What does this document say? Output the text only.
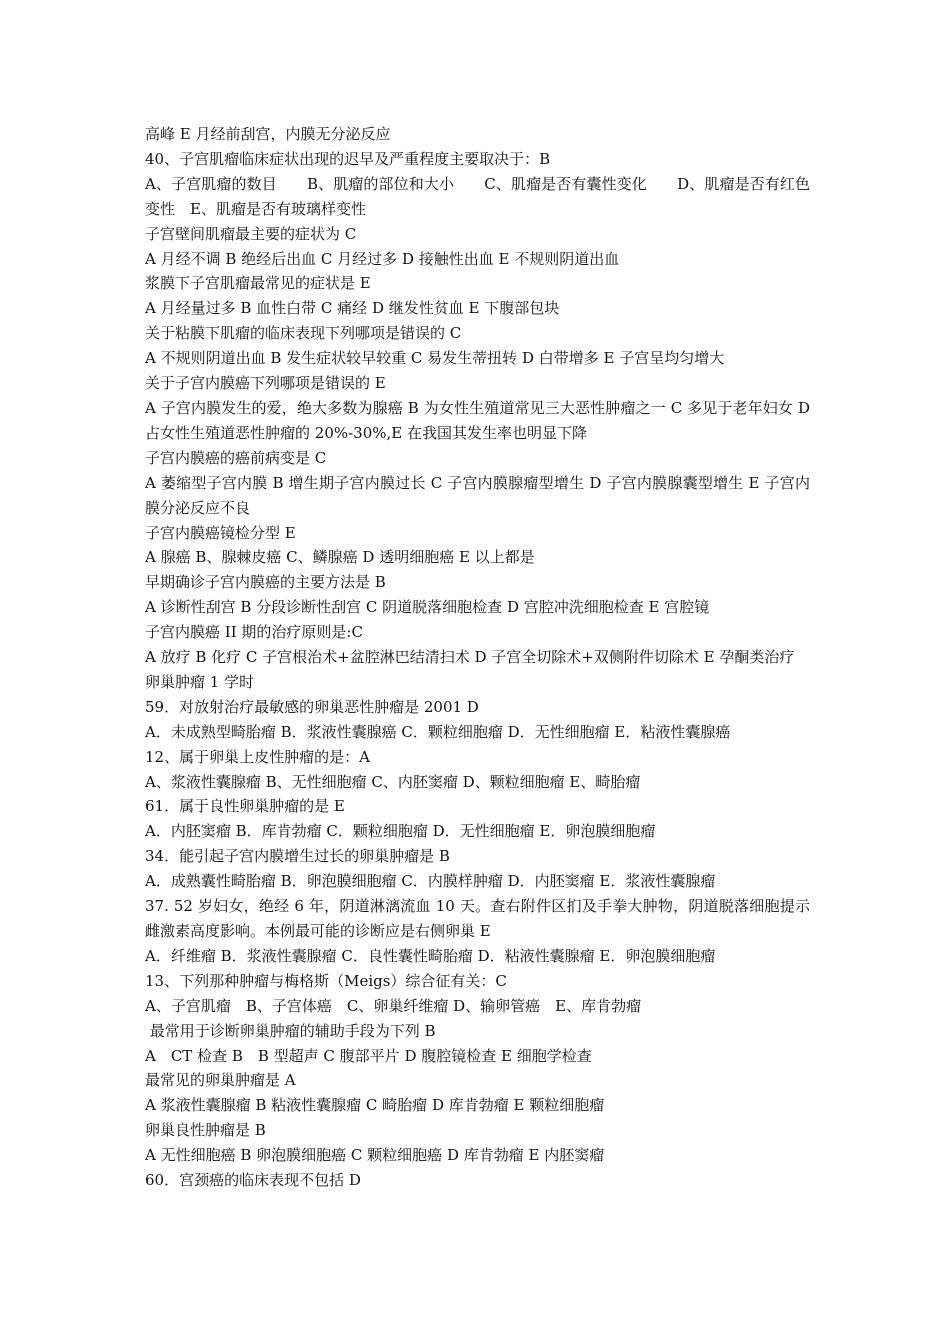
高峰 E 月经前刮宫，内膜无分泌反应

40、子宫肌瘤临床症状出现的迟早及严重程度主要取决于：B

A、子宫肌瘤的数目　　B、肌瘤的部位和大小　　C、肌瘤是否有囊性变化　　D、肌瘤是否有红色变性　E、肌瘤是否有玻璃样变性

子宫壁间肌瘤最主要的症状为 C

A 月经不调 B 绝经后出血 C 月经过多 D 接触性出血 E 不规则阴道出血

浆膜下子宫肌瘤最常见的症状是 E

A 月经量过多 B 血性白带 C 痛经 D 继发性贫血 E 下腹部包块

关于粘膜下肌瘤的临床表现下列哪项是错误的 C

A 不规则阴道出血 B 发生症状较早较重 C 易发生蒂扭转 D 白带增多 E 子宫呈均匀增大

关于子宫内膜癌下列哪项是错误的 E

A 子宫内膜发生的爱，绝大多数为腺癌 B 为女性生殖道常见三大恶性肿瘤之一 C 多见于老年妇女 D 占女性生殖道恶性肿瘤的 20%-30%,E 在我国其发生率也明显下降

子宫内膜癌的癌前病变是 C

A 萎缩型子宫内膜 B 增生期子宫内膜过长 C 子宫内膜腺瘤型增生 D 子宫内膜腺囊型增生 E 子宫内膜分泌反应不良

子宫内膜癌镜检分型 E

A 腺癌 B、腺棘皮癌 C、鳞腺癌 D 透明细胞癌 E 以上都是

早期确诊子宫内膜癌的主要方法是 B

A 诊断性刮宫 B 分段诊断性刮宫 C 阴道脱落细胞检查 D 宫腔冲洗细胞检查 E 宫腔镜

子宫内膜癌 II 期的治疗原则是:C

A 放疗 B 化疗 C 子宫根治术+盆腔淋巴结清扫术 D 子宫全切除术+双侧附件切除术 E 孕酮类治疗

卵巢肿瘤 1 学时

59．对放射治疗最敏感的卵巢恶性肿瘤是 2001 D

A．未成熟型畸胎瘤 B．浆液性囊腺癌 C．颗粒细胞瘤 D．无性细胞瘤 E．粘液性囊腺癌

12、属于卵巢上皮性肿瘤的是：A

A、浆液性囊腺瘤 B、无性细胞瘤 C、内胚窦瘤 D、颗粒细胞瘤 E、畸胎瘤

61．属于良性卵巢肿瘤的是 E

A．内胚窦瘤 B．库肯勃瘤 C．颗粒细胞瘤 D．无性细胞瘤 E．卵泡膜细胞瘤

34．能引起子宫内膜增生过长的卵巢肿瘤是 B

A．成熟囊性畸胎瘤 B．卵泡膜细胞瘤 C．内膜样肿瘤 D．内胚窦瘤 E．浆液性囊腺瘤

37. 52 岁妇女，绝经 6 年，阴道淋漓流血 10 天。查右附件区扪及手拳大肿物，阴道脱落细胞提示雌激素高度影响。本例最可能的诊断应是右侧卵巢 E

A．纤维瘤 B．浆液性囊腺瘤 C．良性囊性畸胎瘤 D．粘液性囊腺瘤 E．卵泡膜细胞瘤

13、下列那种肿瘤与梅格斯（Meigs）综合征有关：C

A、子宫肌瘤　B、子宫体癌　C、卵巢纤维瘤 D、输卵管癌　E、库肯勃瘤

最常用于诊断卵巢肿瘤的辅助手段为下列 B

A　CT 检查 B　B 型超声 C 腹部平片 D 腹腔镜检查 E 细胞学检查

最常见的卵巢肿瘤是 A

A 浆液性囊腺瘤 B 粘液性囊腺瘤 C 畸胎瘤 D 库肯勃瘤 E 颗粒细胞瘤

卵巢良性肿瘤是 B

A 无性细胞癌 B 卵泡膜细胞癌 C 颗粒细胞癌 D 库肯勃瘤 E 内胚窦瘤

60．宫颈癌的临床表现不包括 D
